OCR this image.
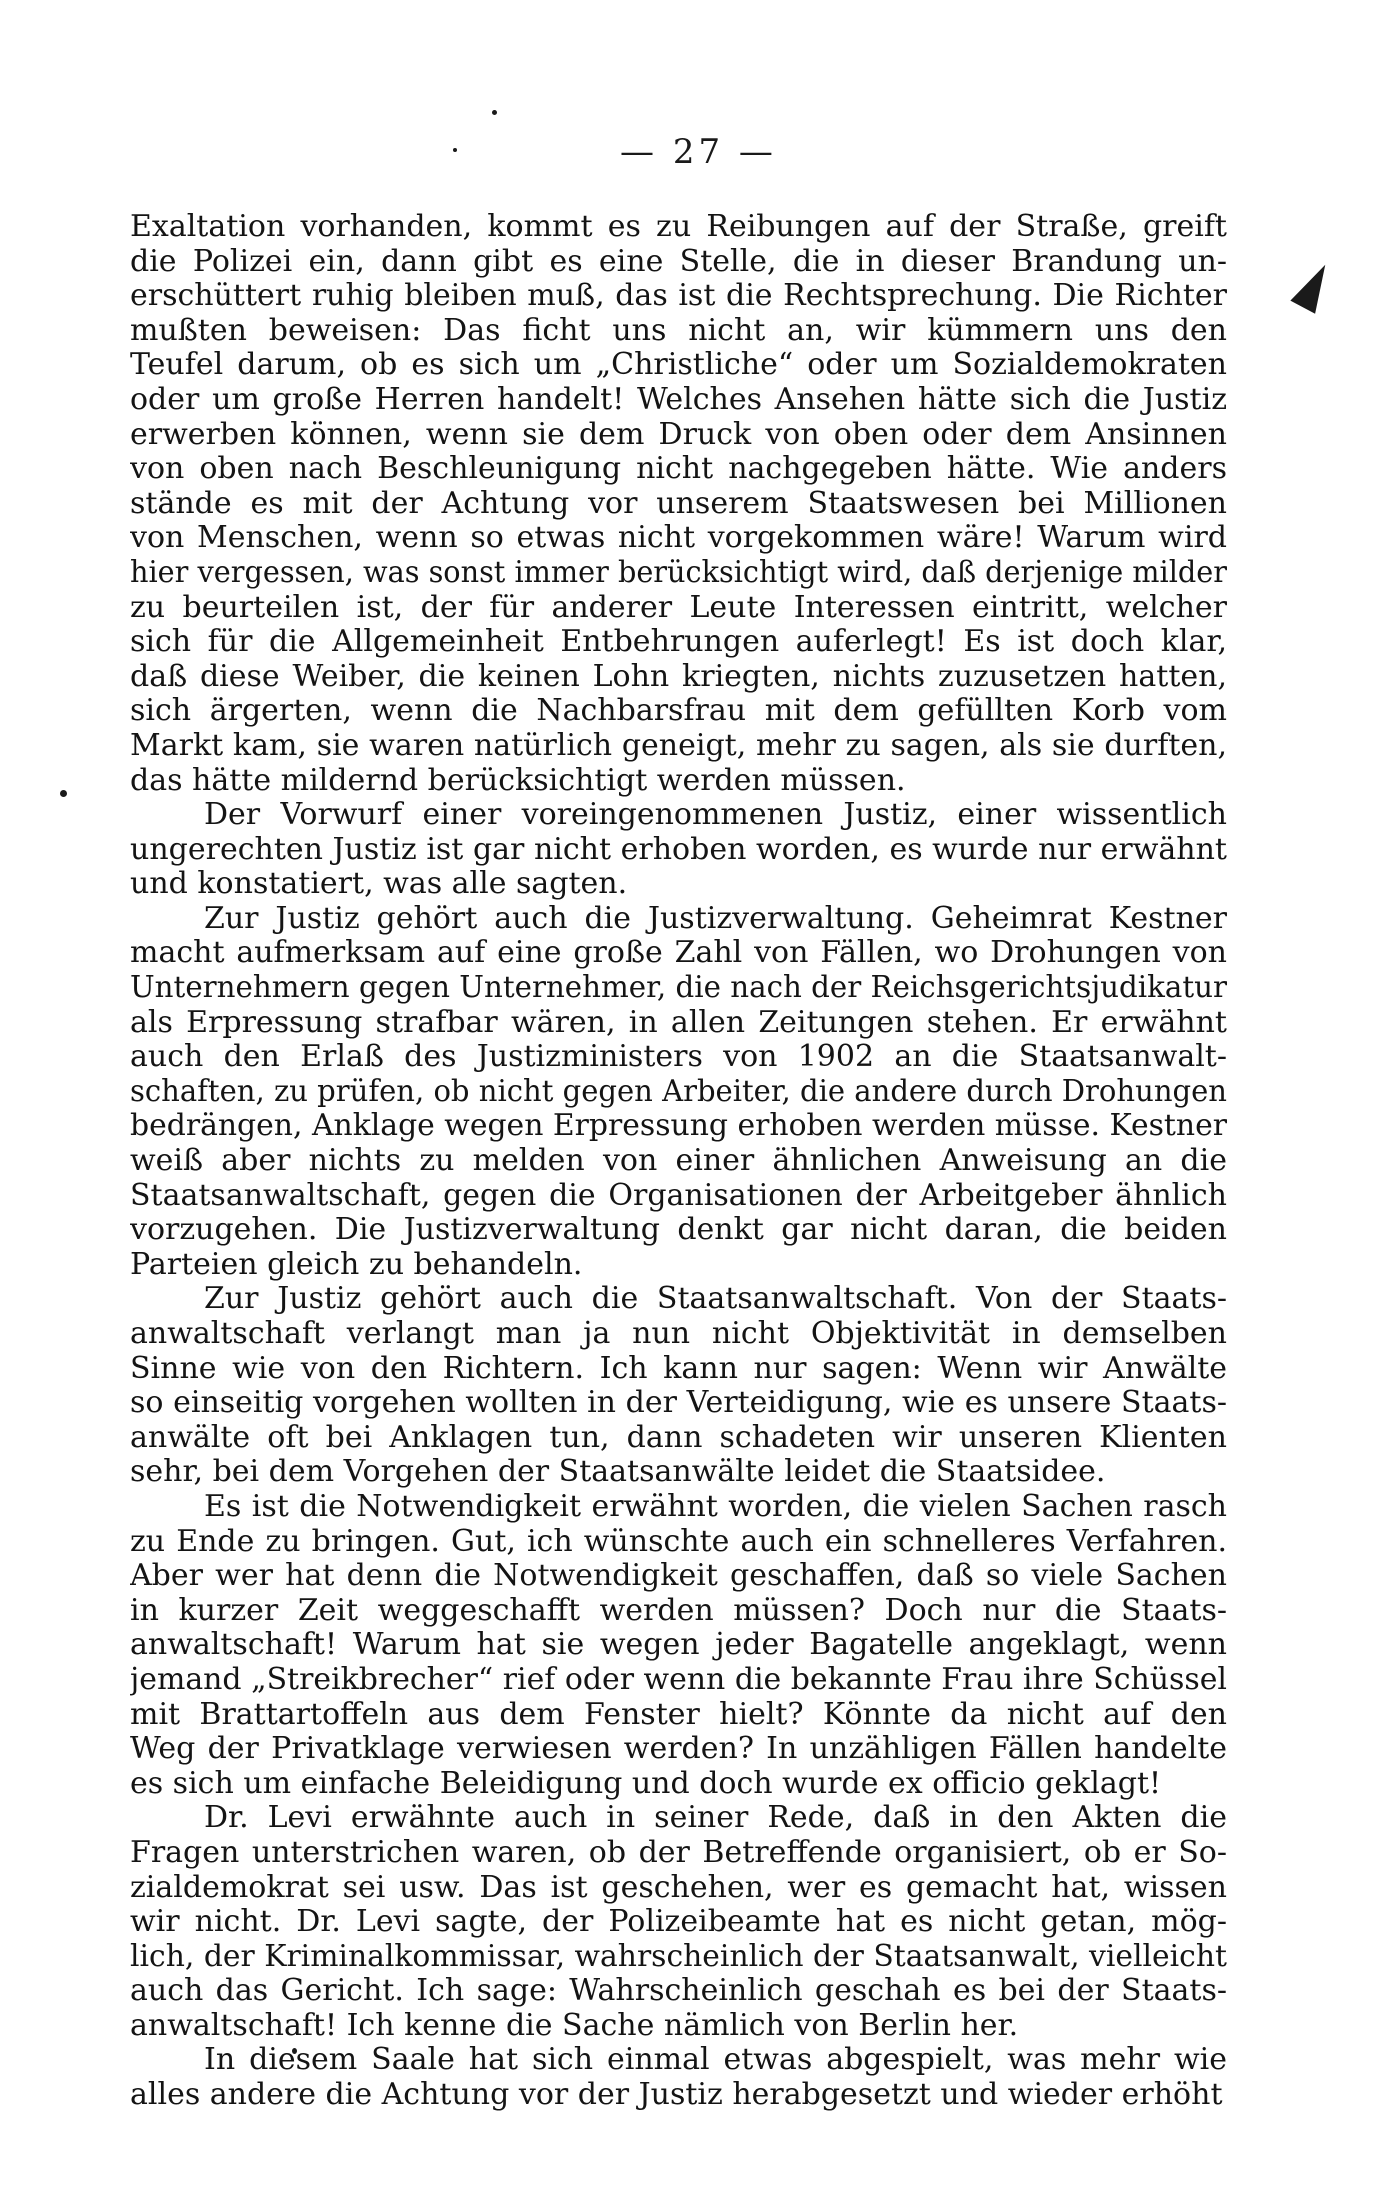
— 27 —
Exaltation vorhanden, kommt es zu Reibungen auf der Straße, greift
die Polizei ein, dann gibt es eine Stelle, die in dieser Brandung un-
erschüttert ruhig bleiben muß, das ist die Rechtsprechung. Die Richter
mußten beweisen: Das ficht uns nicht an, wir kümmern uns den
Teufel darum, ob es sich um „Christliche“ oder um Sozialdemokraten
oder um große Herren handelt! Welches Ansehen hätte sich die Justiz
erwerben können, wenn sie dem Druck von oben oder dem Ansinnen
von oben nach Beschleunigung nicht nachgegeben hätte. Wie anders
stände es mit der Achtung vor unserem Staatswesen bei Millionen
von Menschen, wenn so etwas nicht vorgekommen wäre! Warum wird
hier vergessen, was sonst immer berücksichtigt wird, daß derjenige milder
zu beurteilen ist, der für anderer Leute Interessen eintritt, welcher
sich für die Allgemeinheit Entbehrungen auferlegt! Es ist doch klar,
daß diese Weiber, die keinen Lohn kriegten, nichts zuzusetzen hatten,
sich ärgerten, wenn die Nachbarsfrau mit dem gefüllten Korb vom
Markt kam, sie waren natürlich geneigt, mehr zu sagen, als sie durften,
das hätte mildernd berücksichtigt werden müssen.
Der Vorwurf einer voreingenommenen Justiz, einer wissentlich
ungerechten Justiz ist gar nicht erhoben worden, es wurde nur erwähnt
und konstatiert, was alle sagten.
Zur Justiz gehört auch die Justizverwaltung. Geheimrat Kestner
macht aufmerksam auf eine große Zahl von Fällen, wo Drohungen von
Unternehmern gegen Unternehmer, die nach der Reichsgerichtsjudikatur
als Erpressung strafbar wären, in allen Zeitungen stehen. Er erwähnt
auch den Erlaß des Justizministers von 1902 an die Staatsanwalt-
schaften, zu prüfen, ob nicht gegen Arbeiter, die andere durch Drohungen
bedrängen, Anklage wegen Erpressung erhoben werden müsse. Kestner
weiß aber nichts zu melden von einer ähnlichen Anweisung an die
Staatsanwaltschaft, gegen die Organisationen der Arbeitgeber ähnlich
vorzugehen. Die Justizverwaltung denkt gar nicht daran, die beiden
Parteien gleich zu behandeln.
Zur Justiz gehört auch die Staatsanwaltschaft. Von der Staats-
anwaltschaft verlangt man ja nun nicht Objektivität in demselben
Sinne wie von den Richtern. Ich kann nur sagen: Wenn wir Anwälte
so einseitig vorgehen wollten in der Verteidigung, wie es unsere Staats-
anwälte oft bei Anklagen tun, dann schadeten wir unseren Klienten
sehr, bei dem Vorgehen der Staatsanwälte leidet die Staatsidee.
Es ist die Notwendigkeit erwähnt worden, die vielen Sachen rasch
zu Ende zu bringen. Gut, ich wünschte auch ein schnelleres Verfahren.
Aber wer hat denn die Notwendigkeit geschaffen, daß so viele Sachen
in kurzer Zeit weggeschafft werden müssen? Doch nur die Staats-
anwaltschaft! Warum hat sie wegen jeder Bagatelle angeklagt, wenn
jemand „Streikbrecher“ rief oder wenn die bekannte Frau ihre Schüssel
mit Brattartoffeln aus dem Fenster hielt? Könnte da nicht auf den
Weg der Privatklage verwiesen werden? In unzähligen Fällen handelte
es sich um einfache Beleidigung und doch wurde ex officio geklagt!
Dr. Levi erwähnte auch in seiner Rede, daß in den Akten die
Fragen unterstrichen waren, ob der Betreffende organisiert, ob er So-
zialdemokrat sei usw. Das ist geschehen, wer es gemacht hat, wissen
wir nicht. Dr. Levi sagte, der Polizeibeamte hat es nicht getan, mög-
lich, der Kriminalkommissar, wahrscheinlich der Staatsanwalt, vielleicht
auch das Gericht. Ich sage: Wahrscheinlich geschah es bei der Staats-
anwaltschaft! Ich kenne die Sache nämlich von Berlin her.
In diesem Saale hat sich einmal etwas abgespielt, was mehr wie
alles andere die Achtung vor der Justiz herabgesetzt und wieder erhöht
